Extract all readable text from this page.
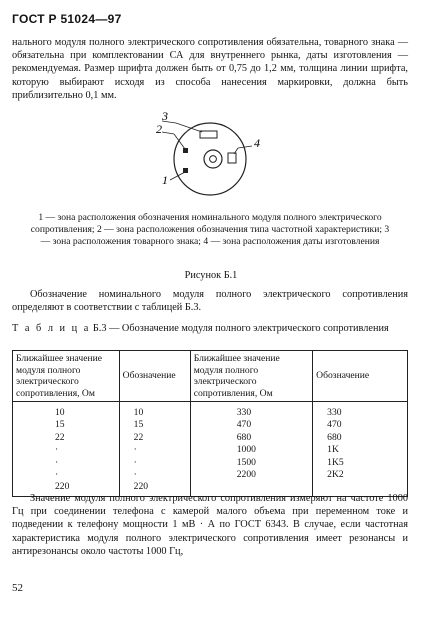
ГОСТ Р 51024—97

нального модуля полного электрического сопротивления обязательна, товарного знака — обязательна при комплектовании СА для внутреннего рынка, даты изготовления — рекомендуемая. Размер шрифта должен быть от 0,75 до 1,2 мм, толщина линии шрифта, которую выбирают исходя из способа нанесения маркировки, должна быть приблизительно 0,1 мм.

3
2
4
1

1 — зона расположения обозначения номинального модуля полного электрического сопротивления; 2 — зона расположения обозначения типа частотной характеристики; 3 — зона расположения товарного знака; 4 — зона расположения даты изготовления

Рисунок Б.1

Обозначение номинального модуля полного электрического сопротивления определяют в соответствии с таблицей Б.3.

Т а б л и ц а Б.3 — Обозначение модуля полного электрического сопротивления

Ближайшее значение модуля полного электрического сопротивления, Ом	Обозначение	Ближайшее значение модуля полного электрического сопротивления, Ом	Обозначение
10	10	330	330
15	15	470	470
22	22	680	680
·	·	1000	1K
·	·	1500	1K5
·	·	2200	2K2
220	220		

Значение модуля полного электрического сопротивления измеряют на частоте 1000 Гц при соединении телефона с камерой малого объема при переменном токе и подведении к телефону мощности 1 мВ · А по ГОСТ 6343. В случае, если частотная характеристика модуля полного электрического сопротивления имеет резонансы и антирезонансы около частоты 1000 Гц,

52
